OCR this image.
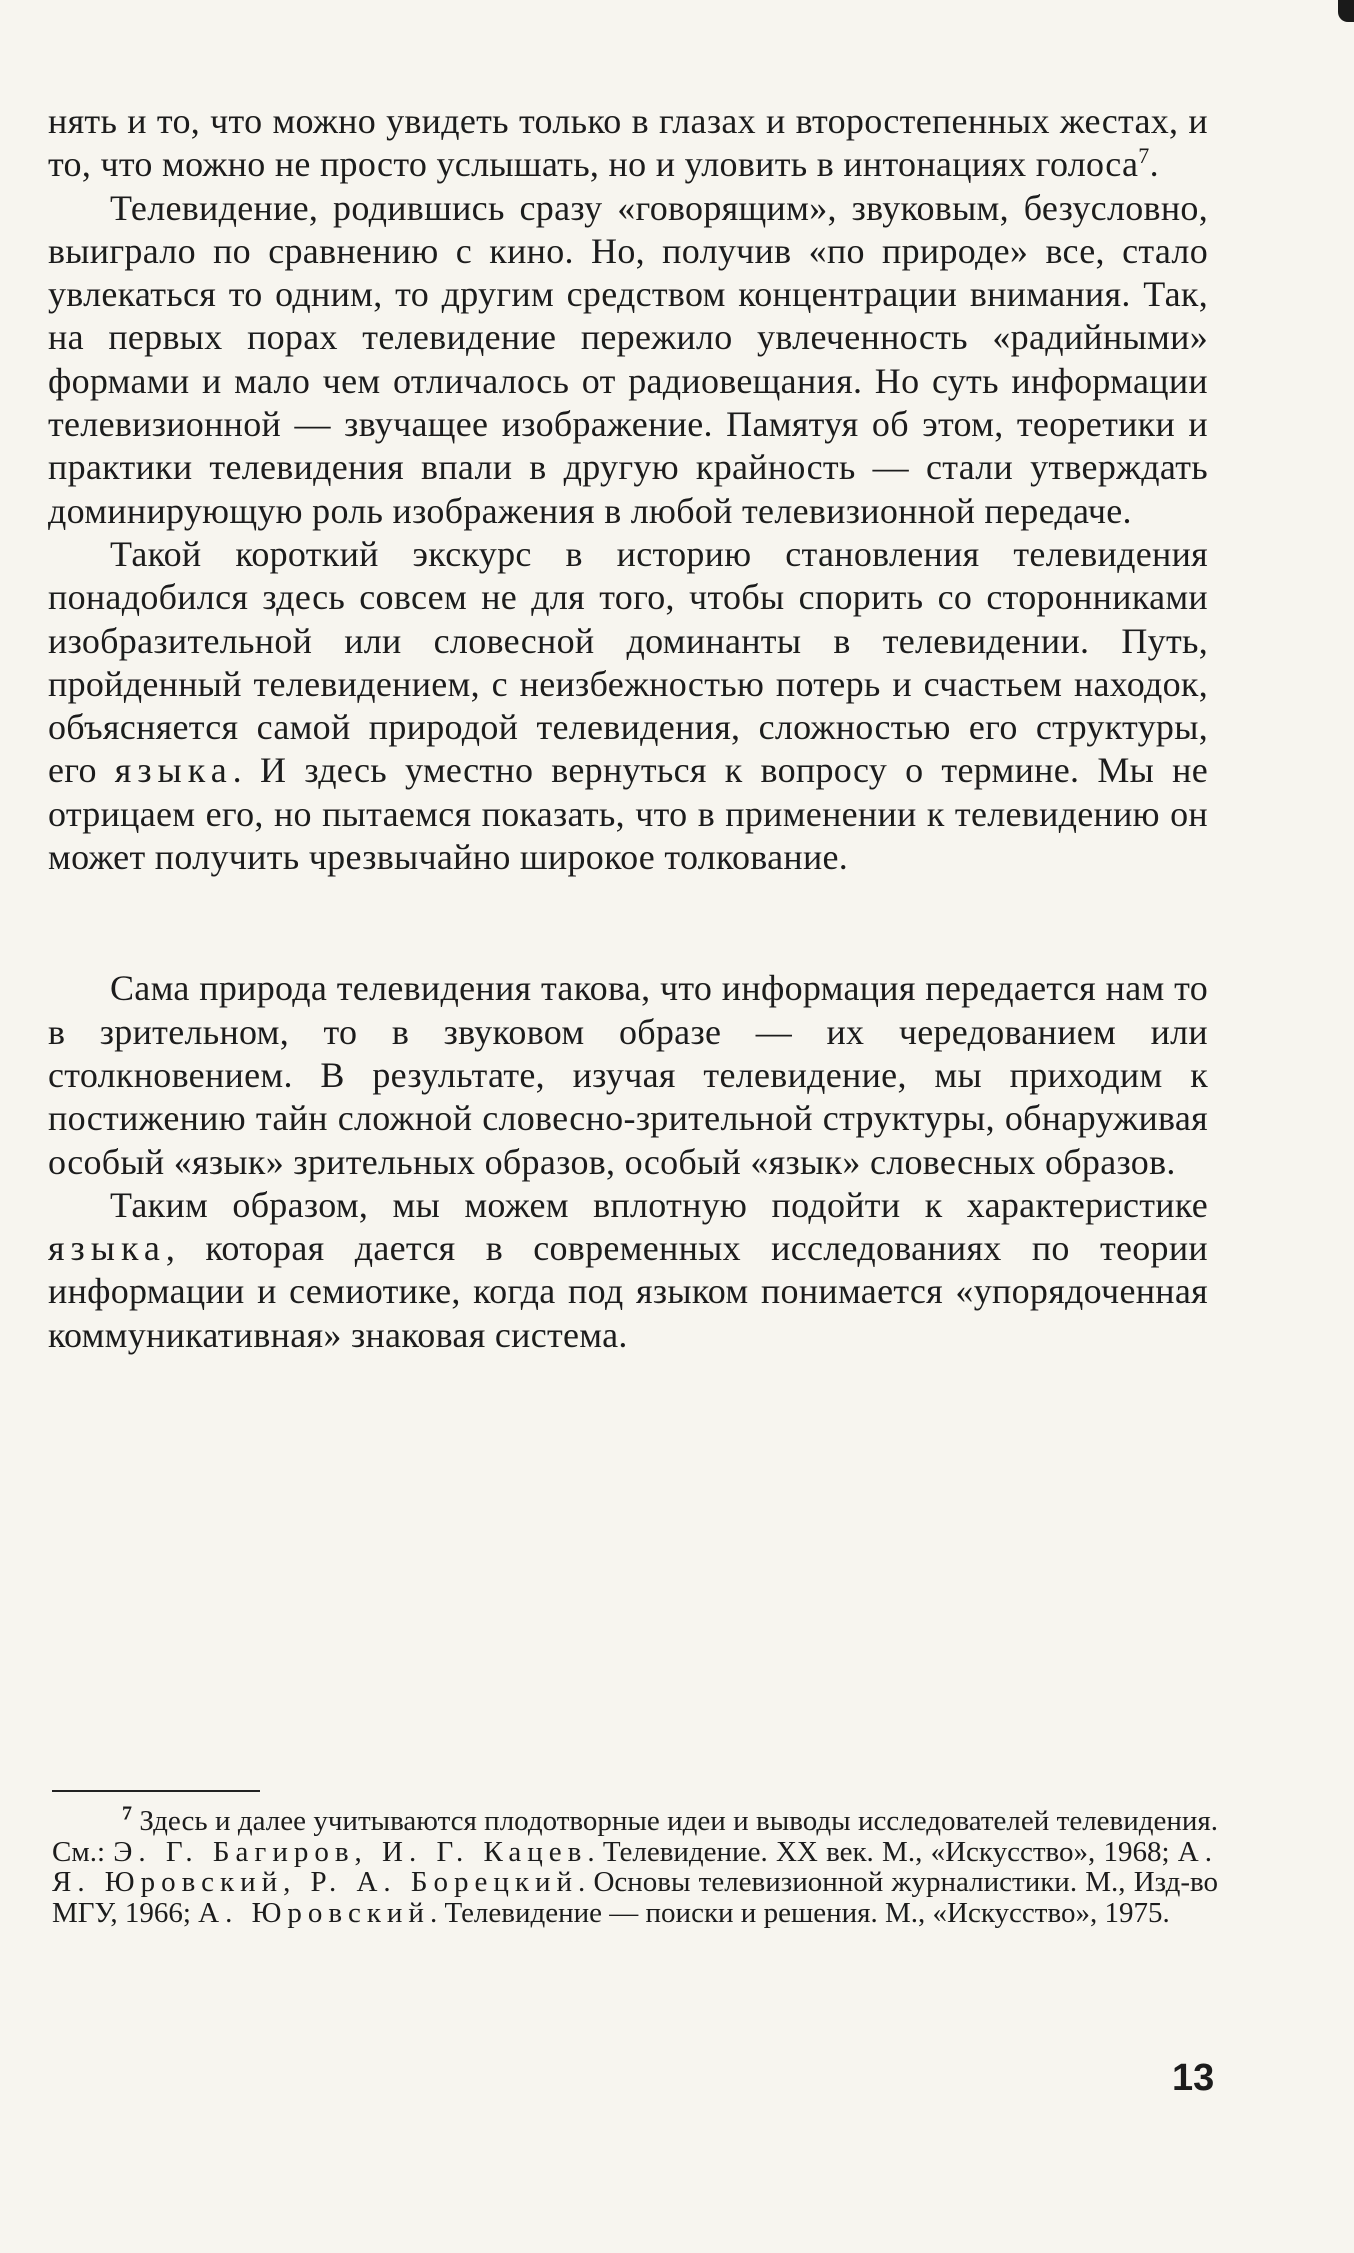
нять и то, что можно увидеть только в глазах и второстепенных жестах, и то, что можно не просто услышать, но и уловить в интонациях голоса$^7$.

Телевидение, родившись сразу «говорящим», звуковым, безусловно, выиграло по сравнению с кино. Но, получив «по природе» все, стало увлекаться то одним, то другим средством концентрации внимания. Так, на первых порах телевидение пережило увлеченность «радийными» формами и мало чем отличалось от радиовещания. Но суть информации телевизионной — звучащее изображение. Памятуя об этом, теоретики и практики телевидения впали в другую крайность — стали утверждать доминирующую роль изображения в любой телевизионной передаче.

Такой короткий экскурс в историю становления телевидения понадобился здесь совсем не для того, чтобы спорить со сторонниками изобразительной или словесной доминанты в телевидении. Путь, пройденный телевидением, с неизбежностью потерь и счастьем находок, объясняется самой природой телевидения, сложностью его структуры, его языка. И здесь уместно вернуться к вопросу о термине. Мы не отрицаем его, но пытаемся показать, что в применении к телевидению он может получить чрезвычайно широкое толкование.

Сама природа телевидения такова, что информация передается нам то в зрительном, то в звуковом образе — их чередованием или столкновением. В результате, изучая телевидение, мы приходим к постижению тайн сложной словесно-зрительной структуры, обнаруживая особый «язык» зрительных образов, особый «язык» словесных образов.

Таким образом, мы можем вплотную подойти к характеристике языка, которая дается в современных исследованиях по теории информации и семиотике, когда под языком понимается «упорядоченная коммуникативная» знаковая система.

$^7$ Здесь и далее учитываются плодотворные идеи и выводы исследователей телевидения. См.: Э. Г. Багиров, И. Г. Кацев. Телевидение. XX век. М., «Искусство», 1968; А. Я. Юровский, Р. А. Борецкий. Основы телевизионной журналистики. М., Изд-во МГУ, 1966; А. Юровский. Телевидение — поиски и решения. М., «Искусство», 1975.

13
